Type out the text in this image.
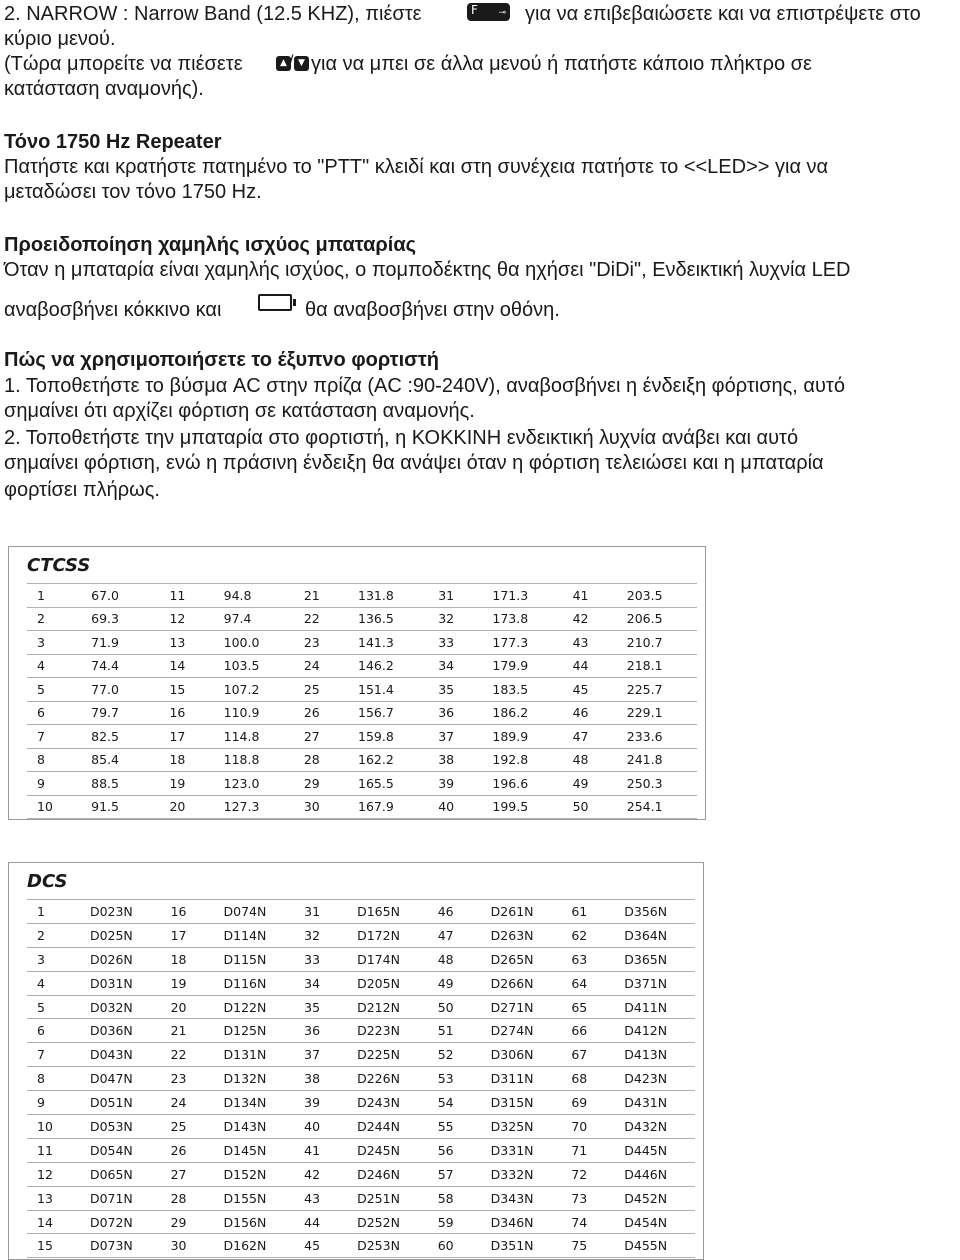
2. NARROW : Narrow Band (12.5 KHZ), πιέστε	F ⊸ για να επιβεβαιώσετε και να επιστρέψετε στο
κύριο μενού.
(Τώρα μπορείτε να πιέσετε	▲ / ▼ για να μπει σε άλλα μενού ή πατήστε κάποιο πλήκτρο σε
κατάσταση αναμονής).
Τόνο 1750 Hz Repeater
Πατήστε και κρατήστε πατημένο το "PTT" κλειδί και στη συνέχεια πατήστε το <<LED>> για να
μεταδώσει τον τόνο 1750 Hz.
Προειδοποίηση χαμηλής ισχύος μπαταρίας
Όταν η μπαταρία είναι χαμηλής ισχύος, ο πομποδέκτης θα ηχήσει "DiDi", Ενδεικτική λυχνία LED
αναβοσβήνει κόκκινο και	θα αναβοσβήνει στην οθόνη.
Πώς να χρησιμοποιήσετε το έξυπνο φορτιστή
1. Τοποθετήστε το βύσμα AC στην πρίζα (AC :90-240V), αναβοσβήνει η ένδειξη φόρτισης, αυτό
σημαίνει ότι αρχίζει φόρτιση σε κατάσταση αναμονής.
2. Τοποθετήστε την μπαταρία στο φορτιστή, η ΚΟΚΚΙΝΗ ενδεικτική λυχνία ανάβει και αυτό
σημαίνει φόρτιση, ενώ η πράσινη ένδειξη θα ανάψει όταν η φόρτιση τελειώσει και η μπαταρία
φορτίσει πλήρως.
CTCSS
1	67.0	11	94.8	21	131.8	31	171.3	41	203.5
2	69.3	12	97.4	22	136.5	32	173.8	42	206.5
3	71.9	13	100.0	23	141.3	33	177.3	43	210.7
4	74.4	14	103.5	24	146.2	34	179.9	44	218.1
5	77.0	15	107.2	25	151.4	35	183.5	45	225.7
6	79.7	16	110.9	26	156.7	36	186.2	46	229.1
7	82.5	17	114.8	27	159.8	37	189.9	47	233.6
8	85.4	18	118.8	28	162.2	38	192.8	48	241.8
9	88.5	19	123.0	29	165.5	39	196.6	49	250.3
10	91.5	20	127.3	30	167.9	40	199.5	50	254.1
DCS
1	D023N	16	D074N	31	D165N	46	D261N	61	D356N
2	D025N	17	D114N	32	D172N	47	D263N	62	D364N
3	D026N	18	D115N	33	D174N	48	D265N	63	D365N
4	D031N	19	D116N	34	D205N	49	D266N	64	D371N
5	D032N	20	D122N	35	D212N	50	D271N	65	D411N
6	D036N	21	D125N	36	D223N	51	D274N	66	D412N
7	D043N	22	D131N	37	D225N	52	D306N	67	D413N
8	D047N	23	D132N	38	D226N	53	D311N	68	D423N
9	D051N	24	D134N	39	D243N	54	D315N	69	D431N
10	D053N	25	D143N	40	D244N	55	D325N	70	D432N
11	D054N	26	D145N	41	D245N	56	D331N	71	D445N
12	D065N	27	D152N	42	D246N	57	D332N	72	D446N
13	D071N	28	D155N	43	D251N	58	D343N	73	D452N
14	D072N	29	D156N	44	D252N	59	D346N	74	D454N
15	D073N	30	D162N	45	D253N	60	D351N	75	D455N
